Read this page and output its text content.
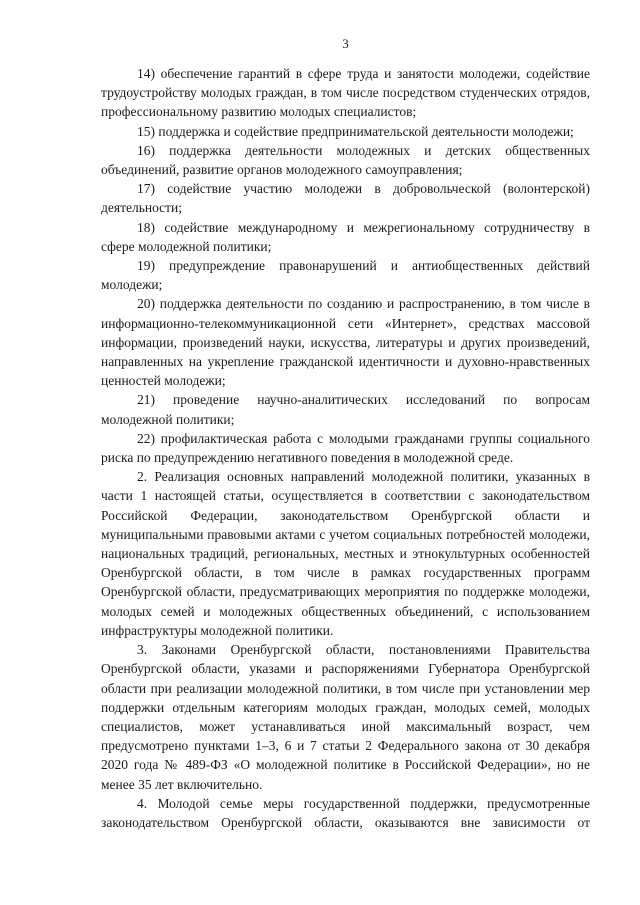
3

14) обеспечение гарантий в сфере труда и занятости молодежи, содействие трудоустройству молодых граждан, в том числе посредством студенческих отрядов, профессиональному развитию молодых специалистов;

15) поддержка и содействие предпринимательской деятельности молодежи;

16) поддержка деятельности молодежных и детских общественных объединений, развитие органов молодежного самоуправления;

17) содействие участию молодежи в добровольческой (волонтерской) деятельности;

18) содействие международному и межрегиональному сотрудничеству в сфере молодежной политики;

19) предупреждение правонарушений и антиобщественных действий молодежи;

20) поддержка деятельности по созданию и распространению, в том числе в информационно-телекоммуникационной сети «Интернет», средствах массовой информации, произведений науки, искусства, литературы и других произведений, направленных на укрепление гражданской идентичности и духовно-нравственных ценностей молодежи;

21) проведение научно-аналитических исследований по вопросам молодежной политики;

22) профилактическая работа с молодыми гражданами группы социального риска по предупреждению негативного поведения в молодежной среде.

2. Реализация основных направлений молодежной политики, указанных в части 1 настоящей статьи, осуществляется в соответствии с законодательством Российской Федерации, законодательством Оренбургской области и муниципальными правовыми актами с учетом социальных потребностей молодежи, национальных традиций, региональных, местных и этнокультурных особенностей Оренбургской области, в том числе в рамках государственных программ Оренбургской области, предусматривающих мероприятия по поддержке молодежи, молодых семей и молодежных общественных объединений, с использованием инфраструктуры молодежной политики.

3. Законами Оренбургской области, постановлениями Правительства Оренбургской области, указами и распоряжениями Губернатора Оренбургской области при реализации молодежной политики, в том числе при установлении мер поддержки отдельным категориям молодых граждан, молодых семей, молодых специалистов, может устанавливаться иной максимальный возраст, чем предусмотрено пунктами 1–3, 6 и 7 статьи 2 Федерального закона от 30 декабря 2020 года № 489-ФЗ «О молодежной политике в Российской Федерации», но не менее 35 лет включительно.

4. Молодой семье меры государственной поддержки, предусмотренные законодательством Оренбургской области, оказываются вне зависимости от
